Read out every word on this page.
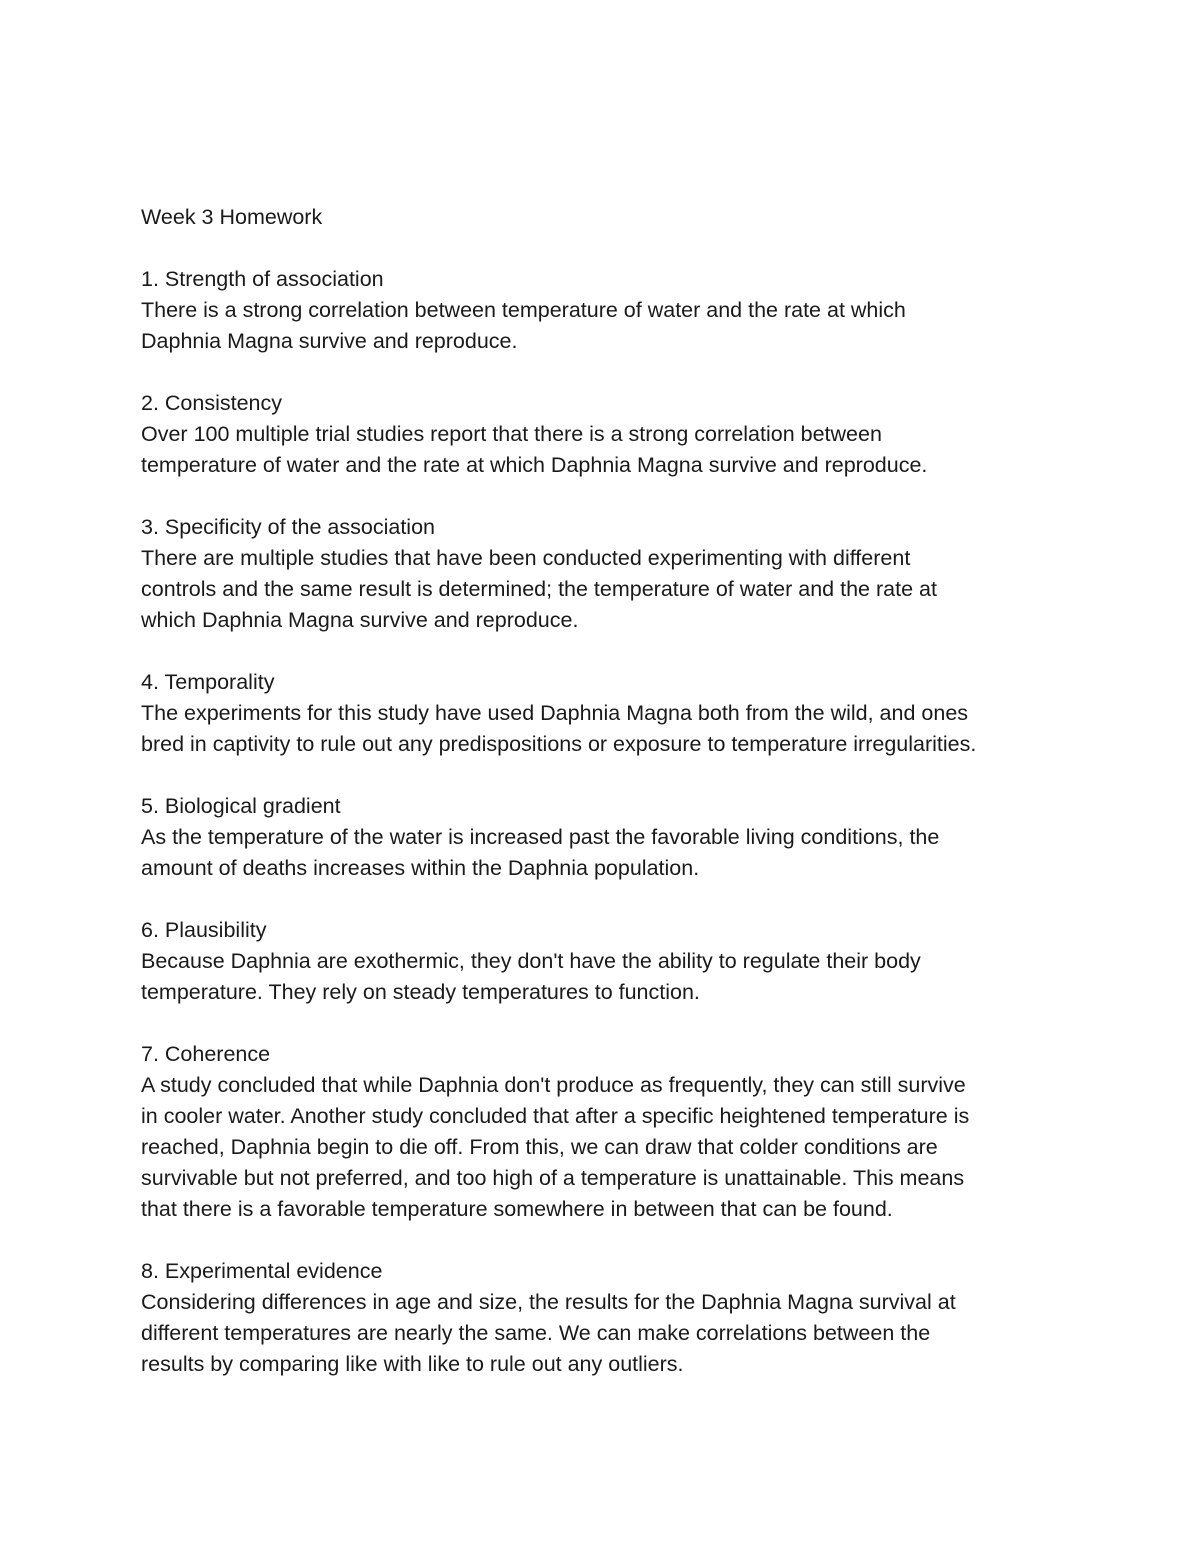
Week 3 Homework

1. Strength of association

There is a strong correlation between temperature of water and the rate at which
Daphnia Magna survive and reproduce.

2. Consistency

Over 100 multiple trial studies report that there is a strong correlation between
temperature of water and the rate at which Daphnia Magna survive and reproduce.

3. Specificity of the association

There are multiple studies that have been conducted experimenting with different
controls and the same result is determined; the temperature of water and the rate at
which Daphnia Magna survive and reproduce.

4. Temporality

The experiments for this study have used Daphnia Magna both from the wild, and ones
bred in captivity to rule out any predispositions or exposure to temperature irregularities.

5. Biological gradient

As the temperature of the water is increased past the favorable living conditions, the
amount of deaths increases within the Daphnia population.

6. Plausibility

Because Daphnia are exothermic, they don't have the ability to regulate their body
temperature. They rely on steady temperatures to function.

7. Coherence

A study concluded that while Daphnia don't produce as frequently, they can still survive
in cooler water. Another study concluded that after a specific heightened temperature is
reached, Daphnia begin to die off. From this, we can draw that colder conditions are
survivable but not preferred, and too high of a temperature is unattainable. This means
that there is a favorable temperature somewhere in between that can be found.

8. Experimental evidence

Considering differences in age and size, the results for the Daphnia Magna survival at
different temperatures are nearly the same. We can make correlations between the
results by comparing like with like to rule out any outliers.
